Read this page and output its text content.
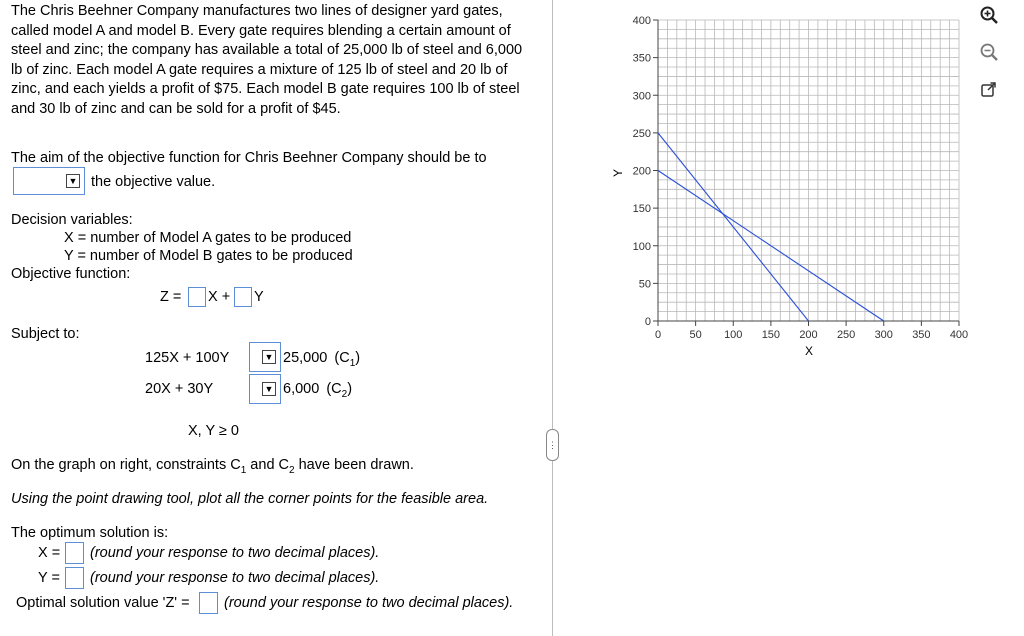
The Chris Beehner Company manufactures two lines of designer yard gates, called model A and model B. Every gate requires blending a certain amount of steel and zinc; the company has available a total of 25,000 lb of steel and 6,000 lb of zinc. Each model A gate requires a mixture of 125 lb of steel and 20 lb of zinc, and each yields a profit of $75. Each model B gate requires 100 lb of steel and 30 lb of zinc and can be sold for a profit of $45.

The aim of the objective function for Chris Beehner Company should be to
▼ the objective value.
Decision variables:
X = number of Model A gates to be produced
Y = number of Model B gates to be produced
Objective function:
Z = X + Y
Subject to:
125X + 100Y	▼ 25,000 $(C_1)$
20X + 30Y	▼ 6,000 $(C_2)$
X, Y ≥ 0
On the graph on right, constraints $C_1$ and $C_2$ have been drawn.
Using the point drawing tool, plot all the corner points for the feasible area.
The optimum solution is:
X = (round your response to two decimal places).
Y = (round your response to two decimal places).
Optimal solution value 'Z' = (round your response to two decimal places).
⋮
0	50 100 150 200 250 300 350 400
0
50
100
150
200
250
300
350
400
X
Y
